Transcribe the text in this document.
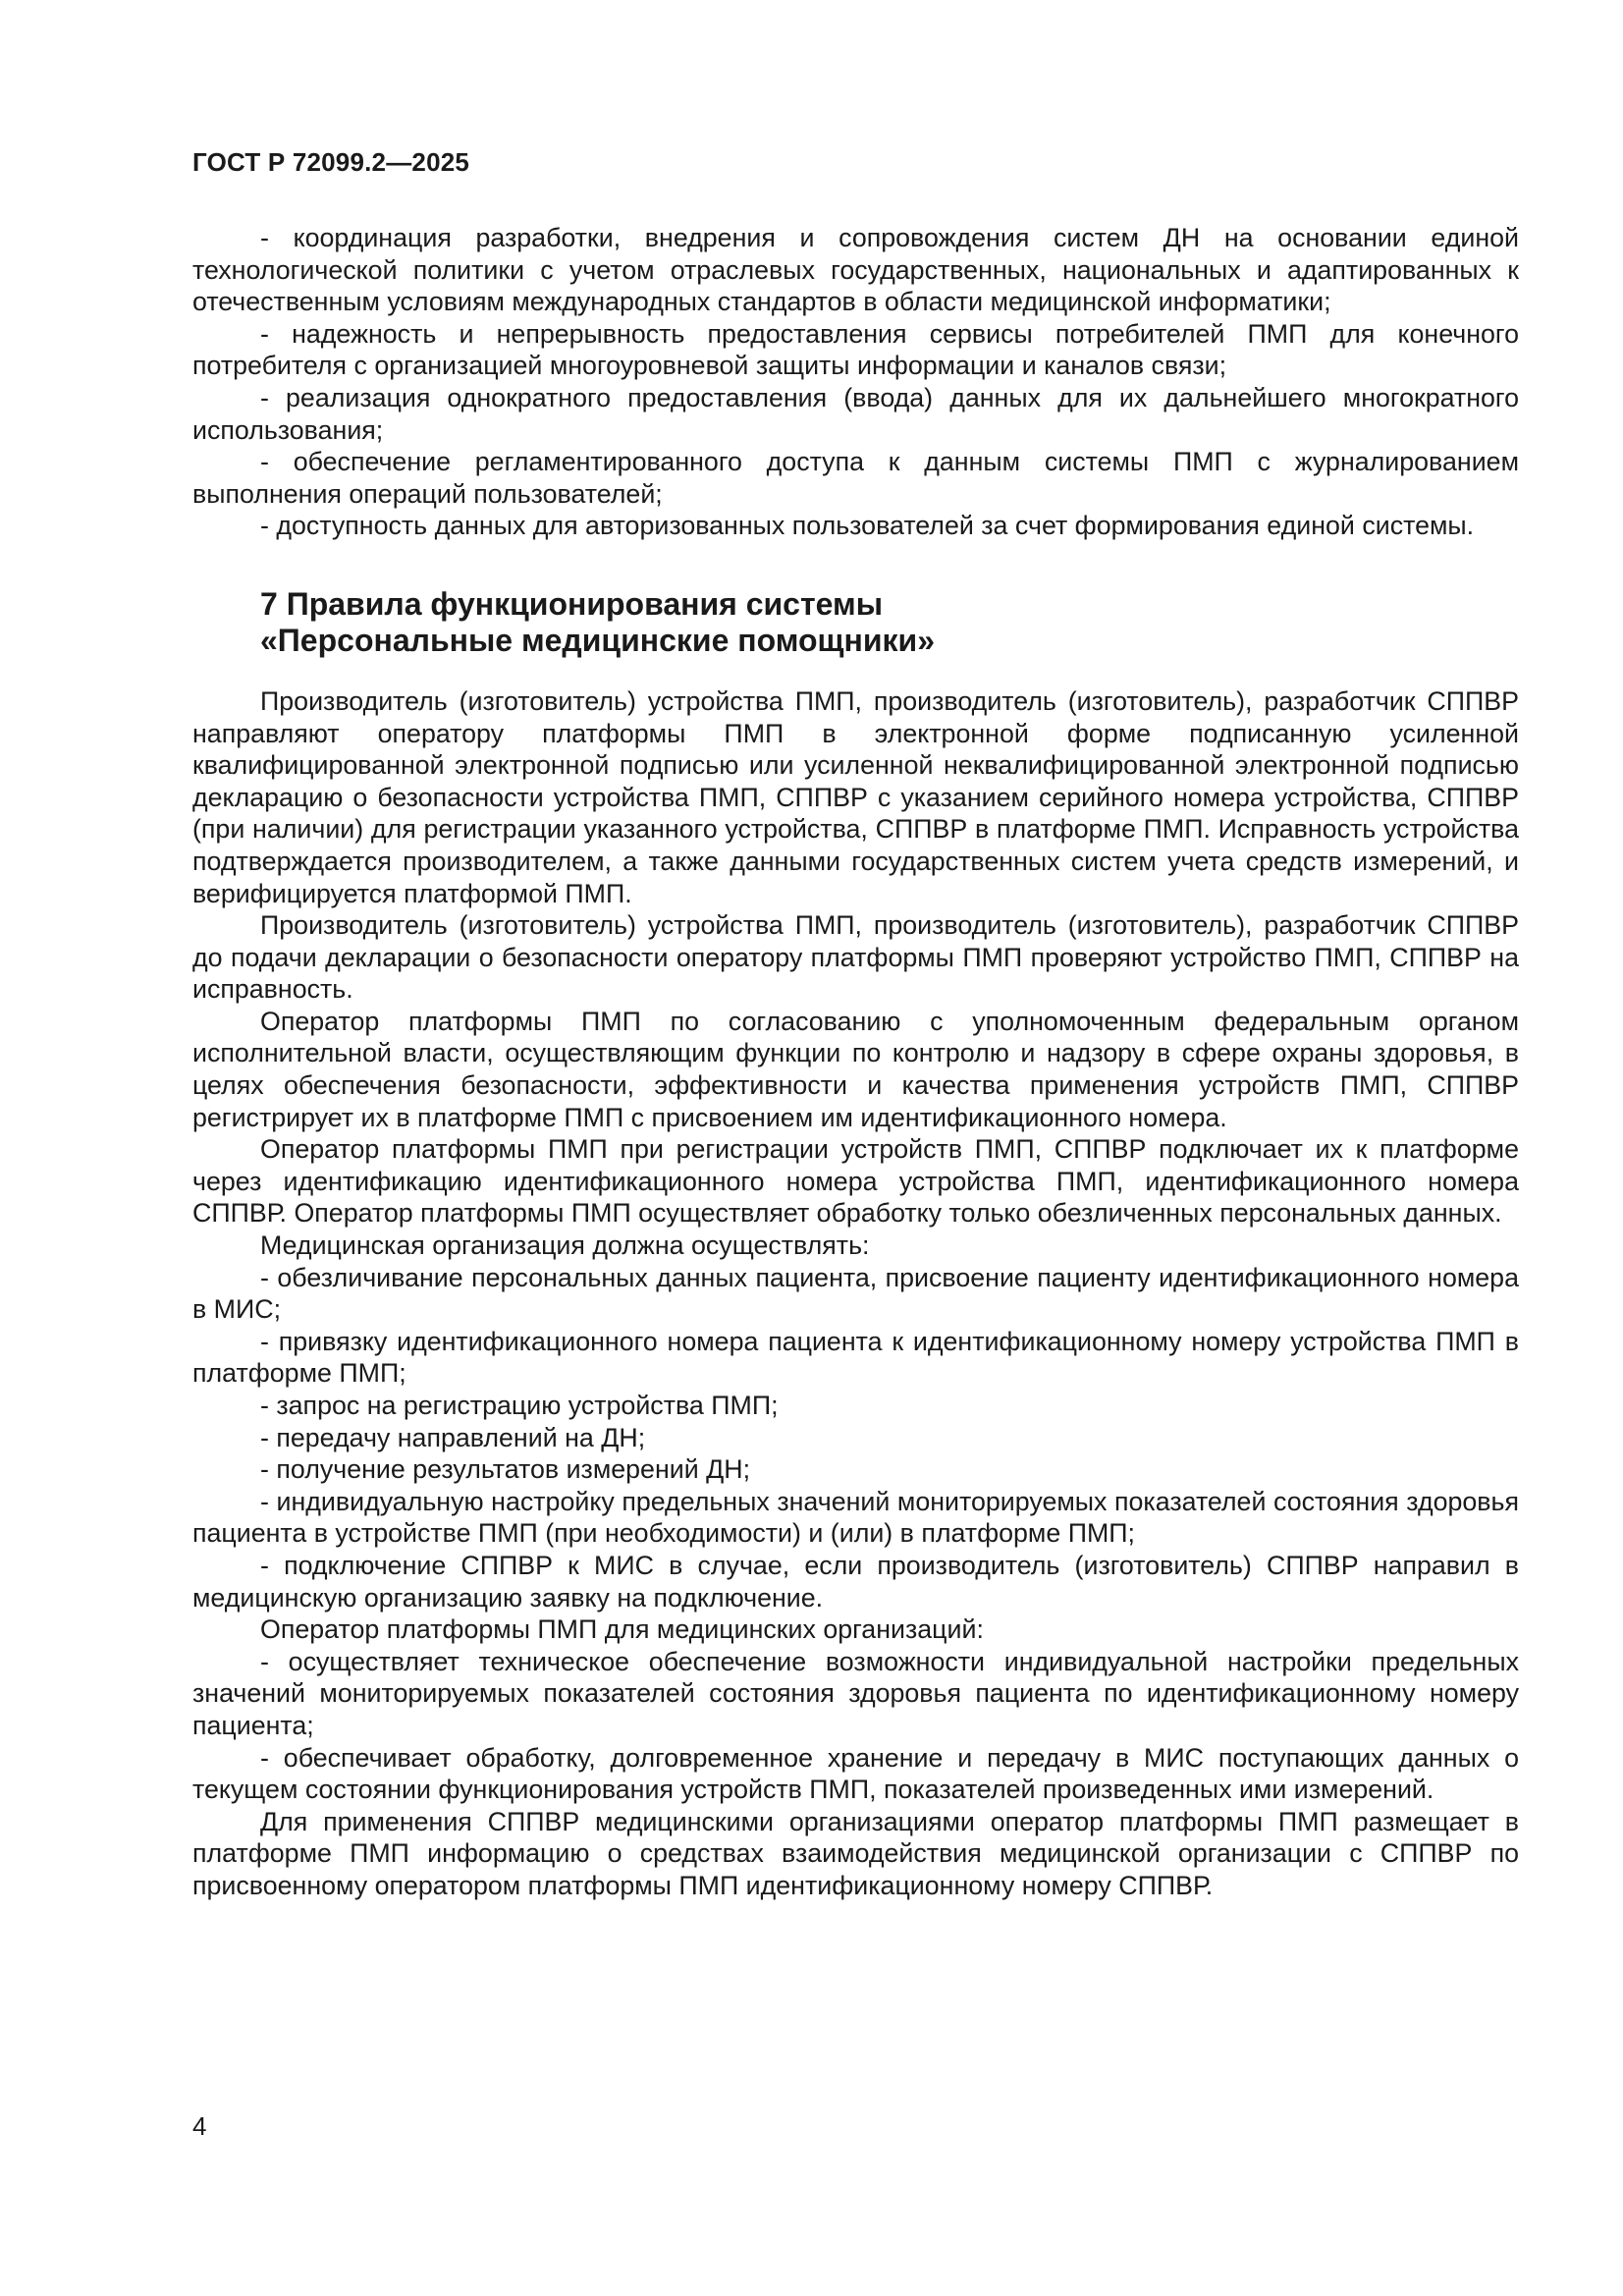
ГОСТ Р 72099.2—2025

- координация разработки, внедрения и сопровождения систем ДН на основании единой технологической политики с учетом отраслевых государственных, национальных и адаптированных к отечественным условиям международных стандартов в области медицинской информатики;

- надежность и непрерывность предоставления сервисы потребителей ПМП для конечного потребителя с организацией многоуровневой защиты информации и каналов связи;

- реализация однократного предоставления (ввода) данных для их дальнейшего многократного использования;

- обеспечение регламентированного доступа к данным системы ПМП с журналированием выполнения операций пользователей;

- доступность данных для авторизованных пользователей за счет формирования единой системы.

7 Правила функционирования системы
«Персональные медицинские помощники»

Производитель (изготовитель) устройства ПМП, производитель (изготовитель), разработчик СППВР направляют оператору платформы ПМП в электронной форме подписанную усиленной квалифицированной электронной подписью или усиленной неквалифицированной электронной подписью декларацию о безопасности устройства ПМП, СППВР с указанием серийного номера устройства, СППВР (при наличии) для регистрации указанного устройства, СППВР в платформе ПМП. Исправность устройства подтверждается производителем, а также данными государственных систем учета средств измерений, и верифицируется платформой ПМП.

Производитель (изготовитель) устройства ПМП, производитель (изготовитель), разработчик СППВР до подачи декларации о безопасности оператору платформы ПМП проверяют устройство ПМП, СППВР на исправность.

Оператор платформы ПМП по согласованию с уполномоченным федеральным органом исполнительной власти, осуществляющим функции по контролю и надзору в сфере охраны здоровья, в целях обеспечения безопасности, эффективности и качества применения устройств ПМП, СППВР регистрирует их в платформе ПМП с присвоением им идентификационного номера.

Оператор платформы ПМП при регистрации устройств ПМП, СППВР подключает их к платформе через идентификацию идентификационного номера устройства ПМП, идентификационного номера СППВР. Оператор платформы ПМП осуществляет обработку только обезличенных персональных данных.

Медицинская организация должна осуществлять:

- обезличивание персональных данных пациента, присвоение пациенту идентификационного номера в МИС;

- привязку идентификационного номера пациента к идентификационному номеру устройства ПМП в платформе ПМП;

- запрос на регистрацию устройства ПМП;

- передачу направлений на ДН;

- получение результатов измерений ДН;

- индивидуальную настройку предельных значений мониторируемых показателей состояния здоровья пациента в устройстве ПМП (при необходимости) и (или) в платформе ПМП;

- подключение СППВР к МИС в случае, если производитель (изготовитель) СППВР направил в медицинскую организацию заявку на подключение.

Оператор платформы ПМП для медицинских организаций:

- осуществляет техническое обеспечение возможности индивидуальной настройки предельных значений мониторируемых показателей состояния здоровья пациента по идентификационному номеру пациента;

- обеспечивает обработку, долговременное хранение и передачу в МИС поступающих данных о текущем состоянии функционирования устройств ПМП, показателей произведенных ими измерений.

Для применения СППВР медицинскими организациями оператор платформы ПМП размещает в платформе ПМП информацию о средствах взаимодействия медицинской организации с СППВР по присвоенному оператором платформы ПМП идентификационному номеру СППВР.

4
